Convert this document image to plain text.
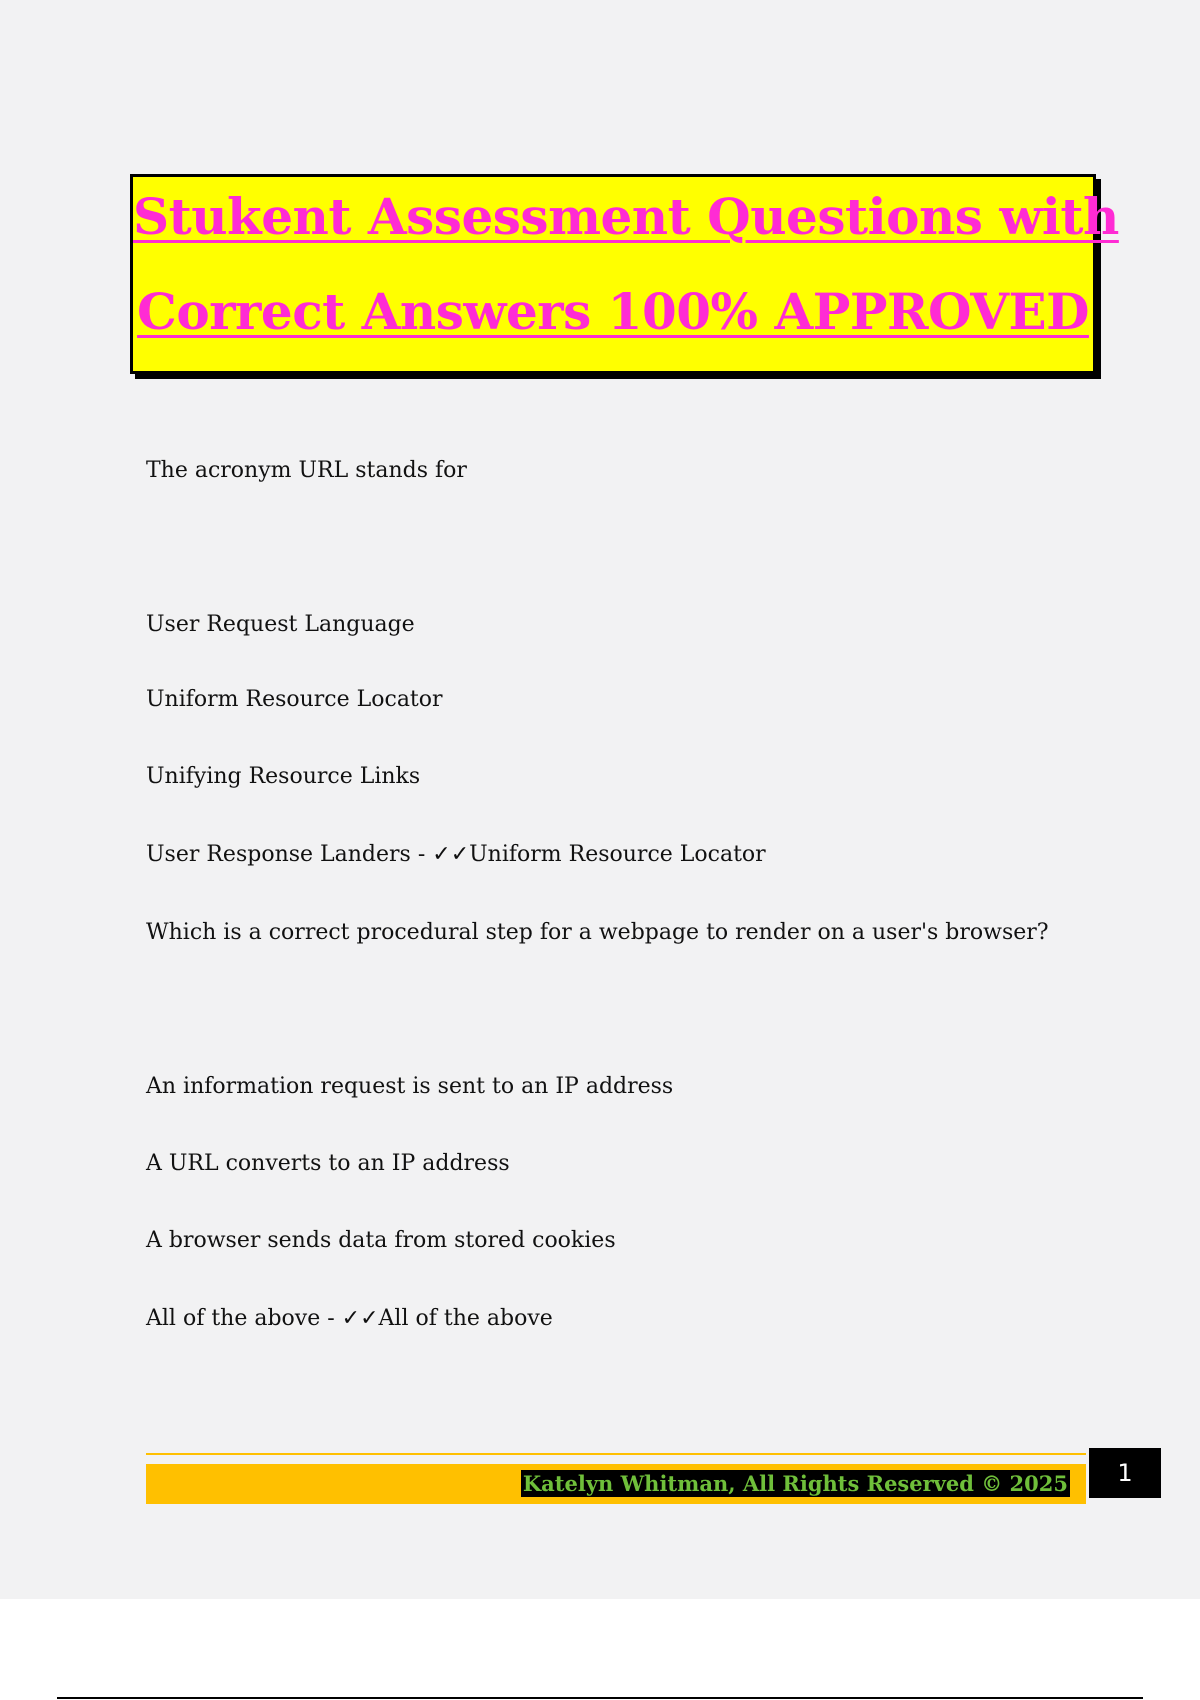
Stukent Assessment Questions with
Correct Answers 100% APPROVED
The acronym URL stands for
User Request Language
Uniform Resource Locator
Unifying Resource Links
User Response Landers - ✓✓Uniform Resource Locator
Which is a correct procedural step for a webpage to render on a user's browser?
An information request is sent to an IP address
A URL converts to an IP address
A browser sends data from stored cookies
All of the above - ✓✓All of the above
Katelyn Whitman, All Rights Reserved © 2025	1
